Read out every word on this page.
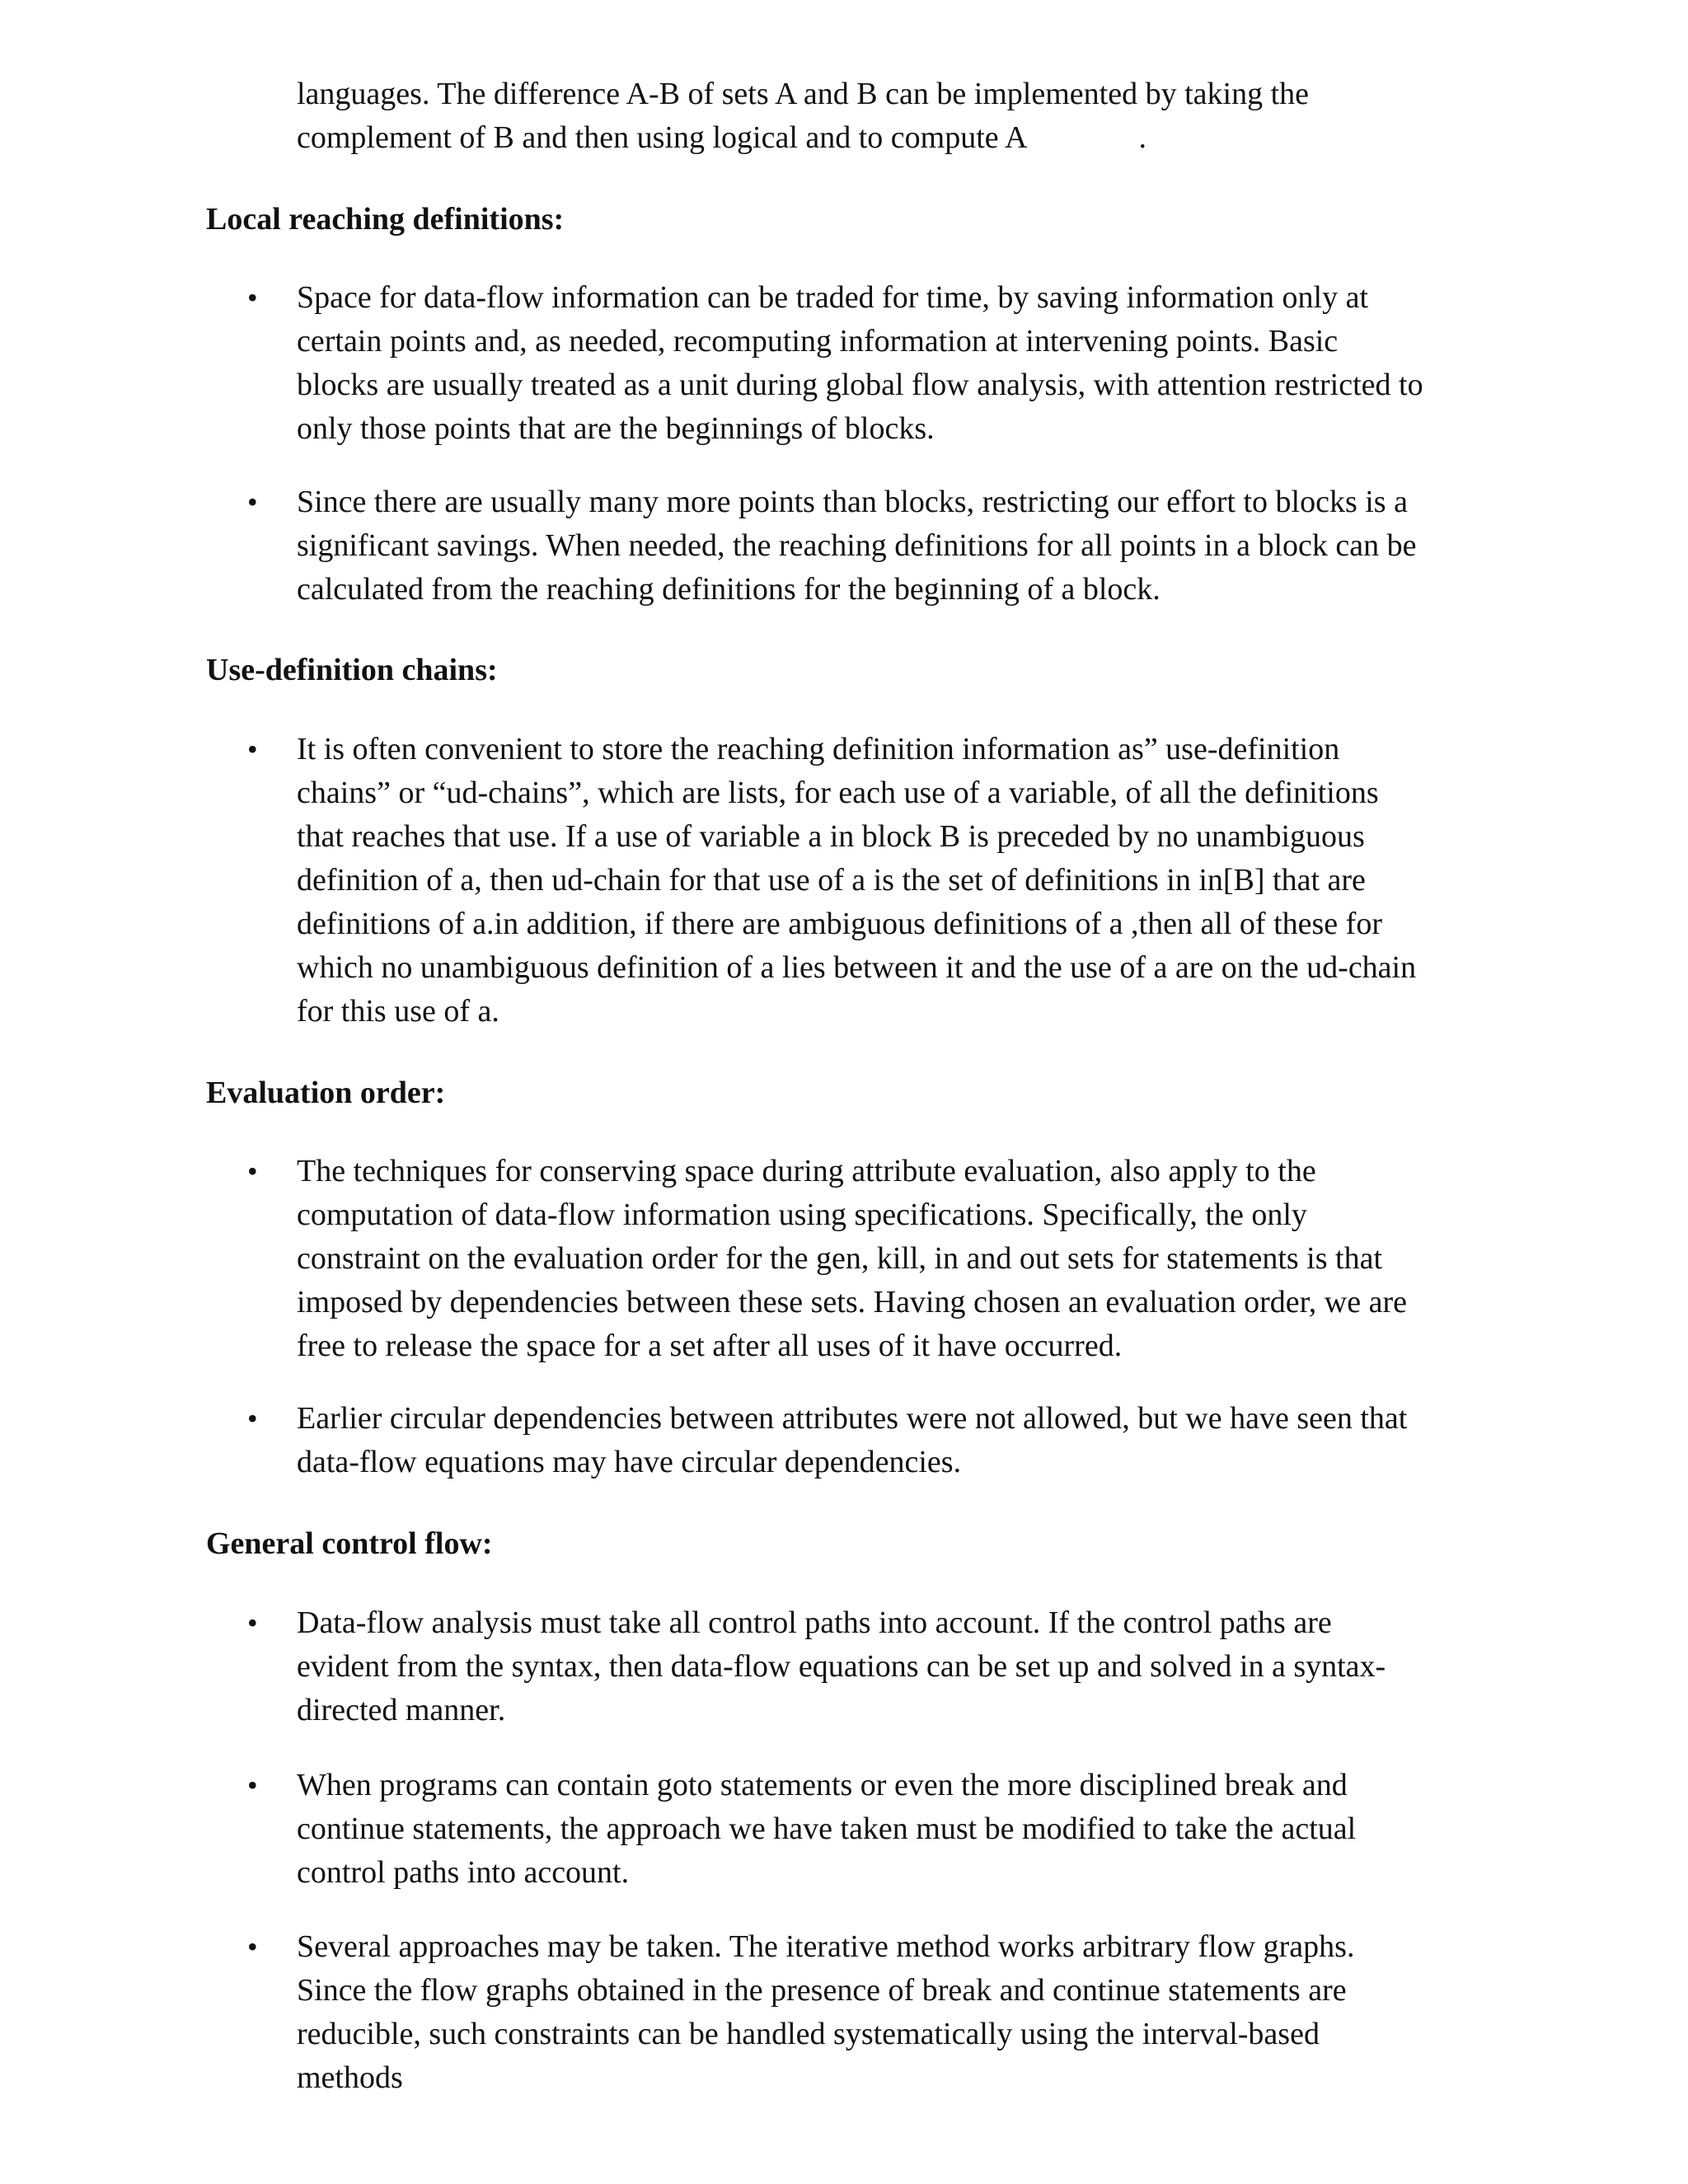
languages. The difference A-B of sets A and B can be implemented by taking the
complement of B and then using logical and to compute A	.
Local reaching definitions:
•	Space for data-flow information can be traded for time, by saving information only at
certain points and, as needed, recomputing information at intervening points. Basic
blocks are usually treated as a unit during global flow analysis, with attention restricted to
only those points that are the beginnings of blocks.
•	Since there are usually many more points than blocks, restricting our effort to blocks is a
significant savings. When needed, the reaching definitions for all points in a block can be
calculated from the reaching definitions for the beginning of a block.
Use-definition chains:
•	It is often convenient to store the reaching definition information as” use-definition
chains” or “ud-chains”, which are lists, for each use of a variable, of all the definitions
that reaches that use. If a use of variable a in block B is preceded by no unambiguous
definition of a, then ud-chain for that use of a is the set of definitions in in[B] that are
definitions of a.in addition, if there are ambiguous definitions of a ,then all of these for
which no unambiguous definition of a lies between it and the use of a are on the ud-chain
for this use of a.
Evaluation order:
•	The techniques for conserving space during attribute evaluation, also apply to the
computation of data-flow information using specifications. Specifically, the only
constraint on the evaluation order for the gen, kill, in and out sets for statements is that
imposed by dependencies between these sets. Having chosen an evaluation order, we are
free to release the space for a set after all uses of it have occurred.
•	Earlier circular dependencies between attributes were not allowed, but we have seen that
data-flow equations may have circular dependencies.
General control flow:
•	Data-flow analysis must take all control paths into account. If the control paths are
evident from the syntax, then data-flow equations can be set up and solved in a syntax-
directed manner.
•	When programs can contain goto statements or even the more disciplined break and
continue statements, the approach we have taken must be modified to take the actual
control paths into account.
•	Several approaches may be taken. The iterative method works arbitrary flow graphs.
Since the flow graphs obtained in the presence of break and continue statements are
reducible, such constraints can be handled systematically using the interval-based
methods
